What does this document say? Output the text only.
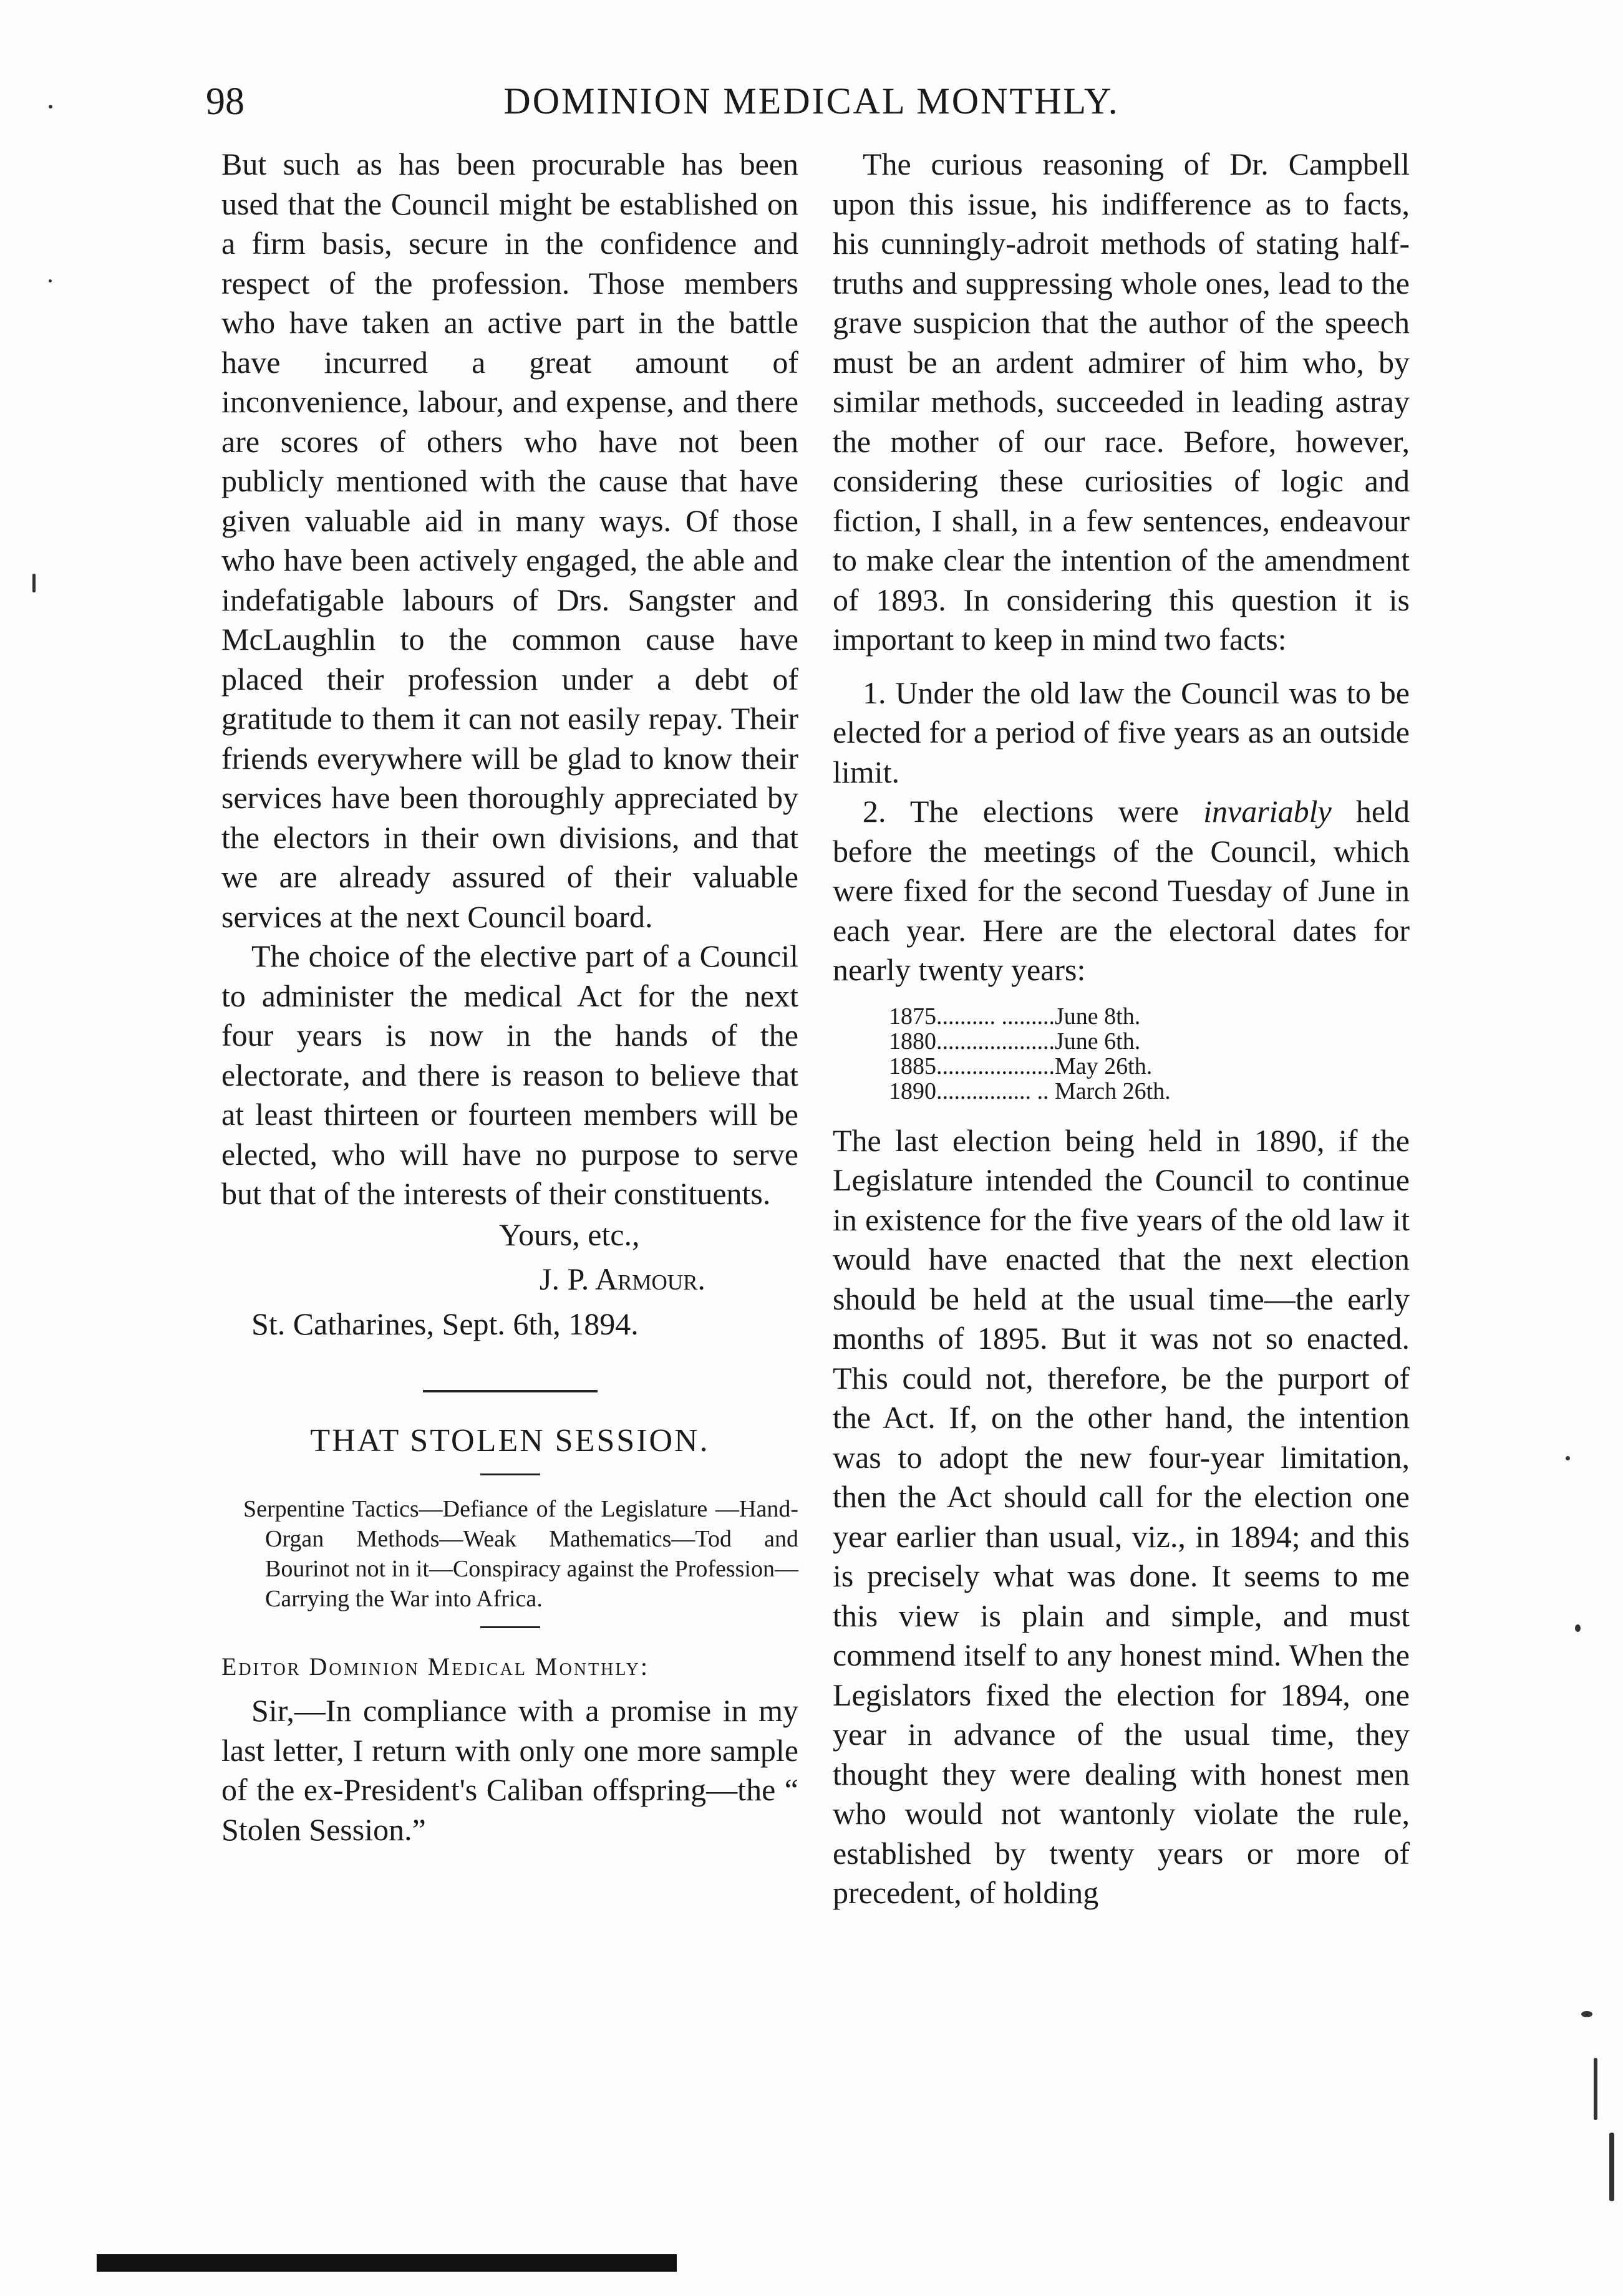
98	DOMINION MEDICAL MONTHLY.

But such as has been procurable has been used that the Council might be established on a firm basis, secure in the confidence and respect of the profession. Those members who have taken an active part in the battle have incurred a great amount of inconvenience, labour, and expense, and there are scores of others who have not been publicly mentioned with the cause that have given valuable aid in many ways. Of those who have been actively engaged, the able and indefatigable labours of Drs. Sangster and McLaughlin to the common cause have placed their profession under a debt of gratitude to them it can not easily repay. Their friends everywhere will be glad to know their services have been thoroughly appreciated by the electors in their own divisions, and that we are already assured of their valuable services at the next Council board.

The choice of the elective part of a Council to administer the medical Act for the next four years is now in the hands of the electorate, and there is reason to believe that at least thirteen or fourteen members will be elected, who will have no purpose to serve but that of the interests of their constituents.

Yours, etc.,

J. P. Armour.

St. Catharines, Sept. 6th, 1894.

THAT STOLEN SESSION.

Serpentine Tactics—Defiance of the Legislature —Hand-Organ Methods—Weak Mathematics—Tod and Bourinot not in it—Conspiracy against the Profession—Carrying the War into Africa.

Editor Dominion Medical Monthly:

Sir,—In compliance with a promise in my last letter, I return with only one more sample of the ex-President's Caliban offspring—the “ Stolen Session.”

The curious reasoning of Dr. Campbell upon this issue, his indifference as to facts, his cunningly-adroit methods of stating half-truths and suppressing whole ones, lead to the grave suspicion that the author of the speech must be an ardent admirer of him who, by similar methods, succeeded in leading astray the mother of our race. Before, however, considering these curiosities of logic and fiction, I shall, in a few sentences, endeavour to make clear the intention of the amendment of 1893. In considering this question it is important to keep in mind two facts:

1. Under the old law the Council was to be elected for a period of five years as an outside limit.

2. The elections were invariably held before the meetings of the Council, which were fixed for the second Tuesday of June in each year. Here are the electoral dates for nearly twenty years:

1875.......... .........June 8th.
1880....................June 6th.
1885....................May 26th.
1890................ .. March 26th.

The last election being held in 1890, if the Legislature intended the Council to continue in existence for the five years of the old law it would have enacted that the next election should be held at the usual time—the early months of 1895. But it was not so enacted. This could not, therefore, be the purport of the Act. If, on the other hand, the intention was to adopt the new four-year limitation, then the Act should call for the election one year earlier than usual, viz., in 1894; and this is precisely what was done. It seems to me this view is plain and simple, and must commend itself to any honest mind. When the Legislators fixed the election for 1894, one year in advance of the usual time, they thought they were dealing with honest men who would not wantonly violate the rule, established by twenty years or more of precedent, of holding
